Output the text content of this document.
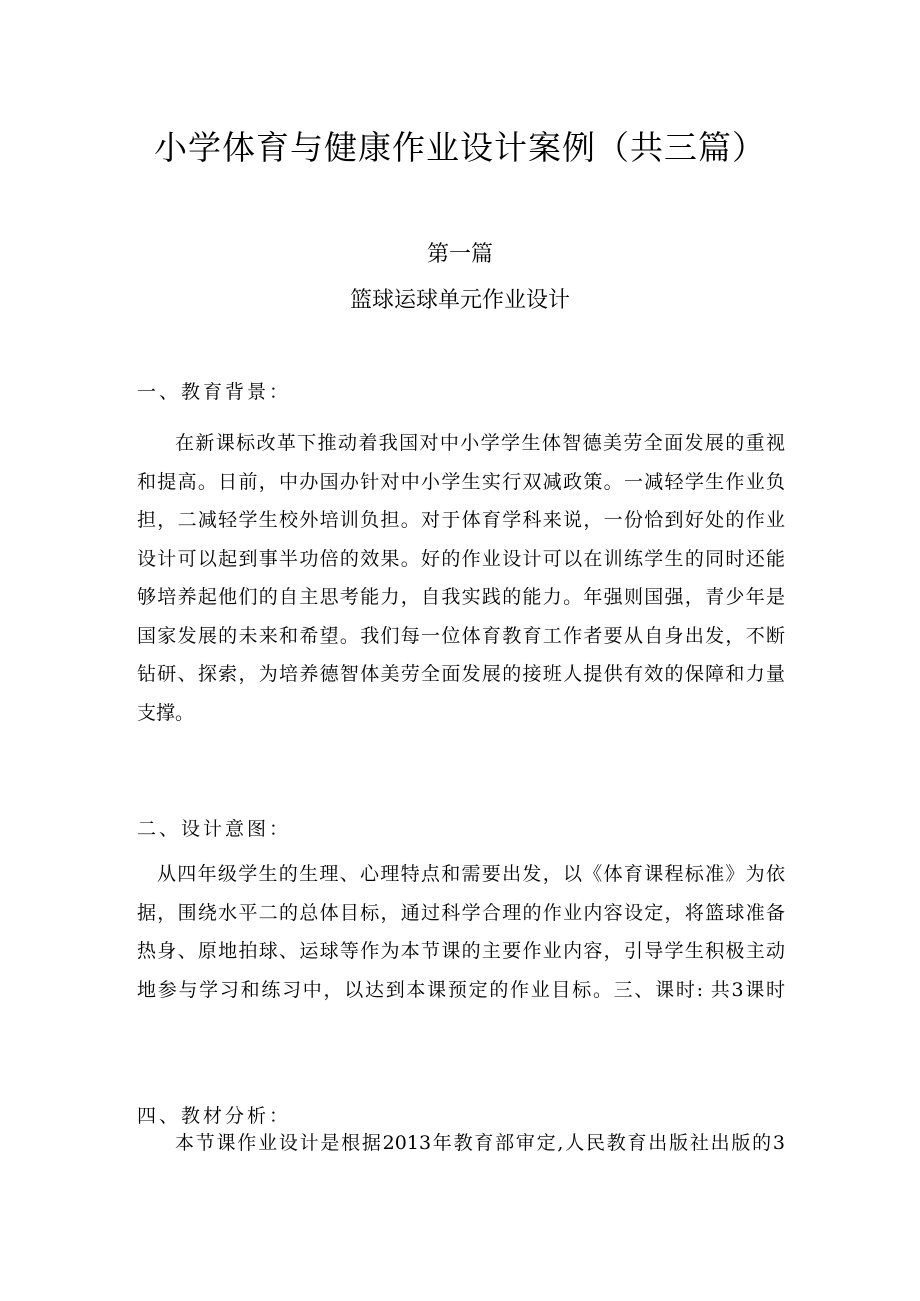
小学体育与健康作业设计案例（共三篇）
第一篇
篮球运球单元作业设计
一、教育背景：
在新课标改革下推动着我国对中小学学生体智德美劳全面发展的重视
和提高。日前，中办国办针对中小学生实行双减政策。一减轻学生作业负
担，二减轻学生校外培训负担。对于体育学科来说，一份恰到好处的作业
设计可以起到事半功倍的效果。好的作业设计可以在训练学生的同时还能
够培养起他们的自主思考能力，自我实践的能力。年强则国强，青少年是
国家发展的未来和希望。我们每一位体育教育工作者要从自身出发，不断
钻研、探索，为培养德智体美劳全面发展的接班人提供有效的保障和力量
支撑。
二、设计意图：
从四年级学生的生理、心理特点和需要出发，以《体育课程标准》为依
据，围绕水平二的总体目标，通过科学合理的作业内容设定，将篮球准备
热身、原地拍球、运球等作为本节课的主要作业内容，引导学生积极主动
地参与学习和练习中，以达到本课预定的作业目标。三、课时: 共3课时
四、教材分析：
本节课作业设计是根据2013年教育部审定,人民教育出版社出版的3
